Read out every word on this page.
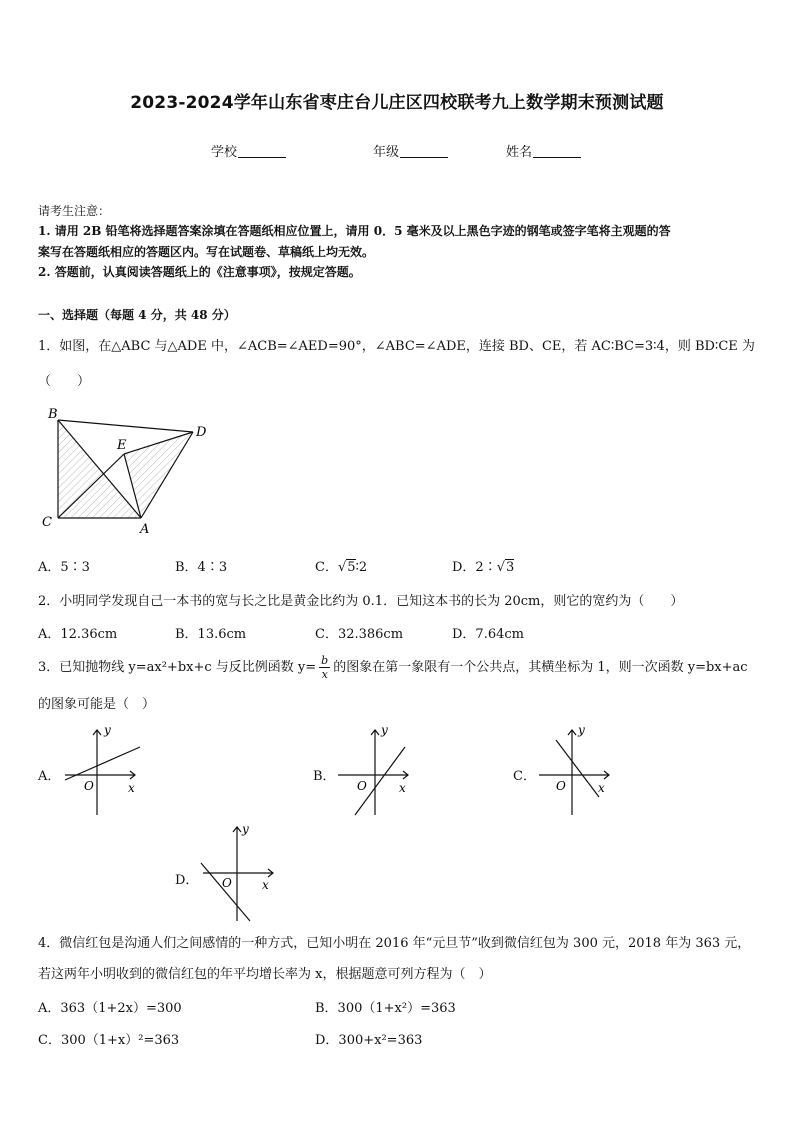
2023-2024学年山东省枣庄台儿庄区四校联考九上数学期末预测试题
学校	年级	姓名
请考生注意：
1. 请用 2B 铅笔将选择题答案涂填在答题纸相应位置上，请用 0．5 毫米及以上黑色字迹的钢笔或签字笔将主观题的答
案写在答题纸相应的答题区内。写在试题卷、草稿纸上均无效。
2. 答题前，认真阅读答题纸上的《注意事项》，按规定答题。
一、选择题（每题 4 分，共 48 分）
1．如图，在△ABC 与△ADE 中，∠ACB=∠AED=90°，∠ABC=∠ADE，连接 BD、CE，若 AC∶BC=3∶4，则 BD∶CE 为
（　　）
B
E
D
C	A
A．5∶3	B．4∶3	C．√5∶2	D．2∶√3
2．小明同学发现自己一本书的宽与长之比是黄金比约为 0.1．已知这本书的长为 20cm，则它的宽约为（　　）
A．12.36cm	B．13.6cm	C．32.386cm	D．7.64cm
3．已知抛物线 y=ax²+bx+c 与反比例函数 $y= \frac{b}{x}$ 的图象在第一象限有一个公共点，其横坐标为 1，则一次函数 y=bx+ac
的图象可能是（　）
A．
y
x
O
B．
y
x
O
C．
y
x
O
D．
y
x
O
4．微信红包是沟通人们之间感情的一种方式，已知小明在 2016 年“元旦节”收到微信红包为 300 元，2018 年为 363 元，
若这两年小明收到的微信红包的年平均增长率为 x，根据题意可列方程为（　）
A．363（1+2x）=300	B．300（1+x²）=363
C．300（1+x）²=363	D．300+x²=363
